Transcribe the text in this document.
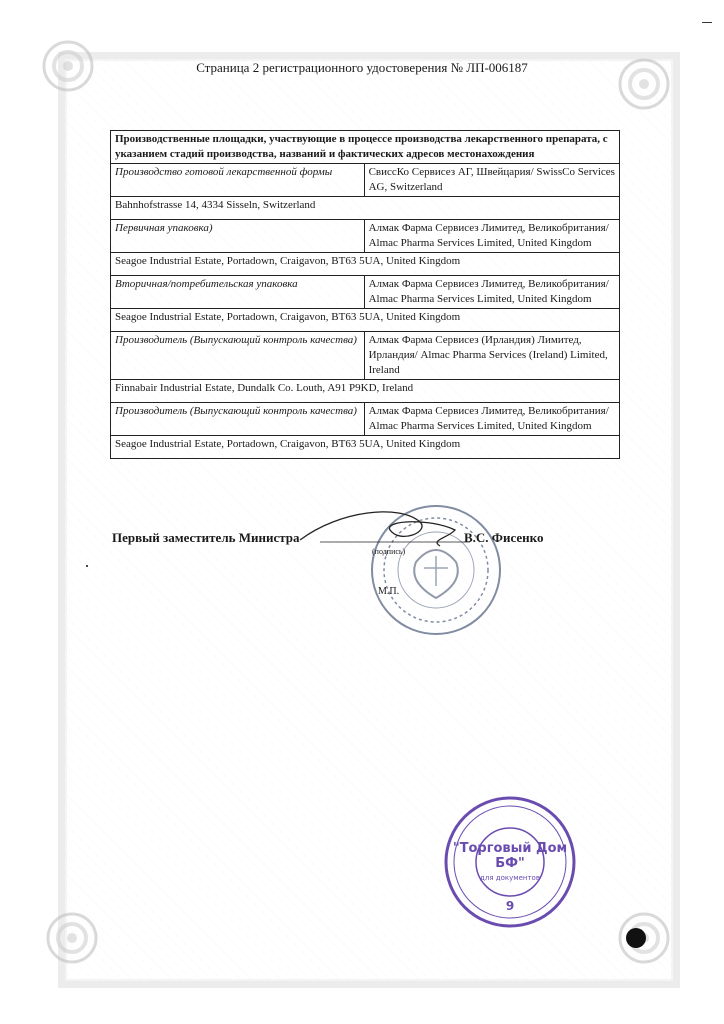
Страница 2 регистрационного удостоверения № ЛП-006187
Производственные площадки, участвующие в процессе производства лекарственного препарата, с указанием стадий производства, названий и фактических адресов местонахождения	
Производство готовой лекарственной формы	СвиссКо Сервисез АГ, Швейцария/ SwissCo Services AG, Switzerland
Bahnhofstrasse 14, 4334 Sisseln, Switzerland	
Первичная упаковка)	Алмак Фарма Сервисез Лимитед, Великобритания/ Almac Pharma Services Limited, United Kingdom
Seagoe Industrial Estate, Portadown, Craigavon, BT63 5UA, United Kingdom	
Вторичная/потребительская упаковка	Алмак Фарма Сервисез Лимитед, Великобритания/ Almac Pharma Services Limited, United Kingdom
Seagoe Industrial Estate, Portadown, Craigavon, BT63 5UA, United Kingdom	
Производитель (Выпускающий контроль качества)	Алмак Фарма Сервисез (Ирландия) Лимитед, Ирландия/ Almac Pharma Services (Ireland) Limited, Ireland
Finnabair Industrial Estate, Dundalk Co. Louth, A91 P9KD, Ireland	
Производитель (Выпускающий контроль качества)	Алмак Фарма Сервисез Лимитед, Великобритания/ Almac Pharma Services Limited, United Kingdom
Seagoe Industrial Estate, Portadown, Craigavon, BT63 5UA, United Kingdom	
Первый заместитель Министра	В.С. Фисенко
(подпись)
М.П.
"Торговый Дом БФ"
для документов
9
